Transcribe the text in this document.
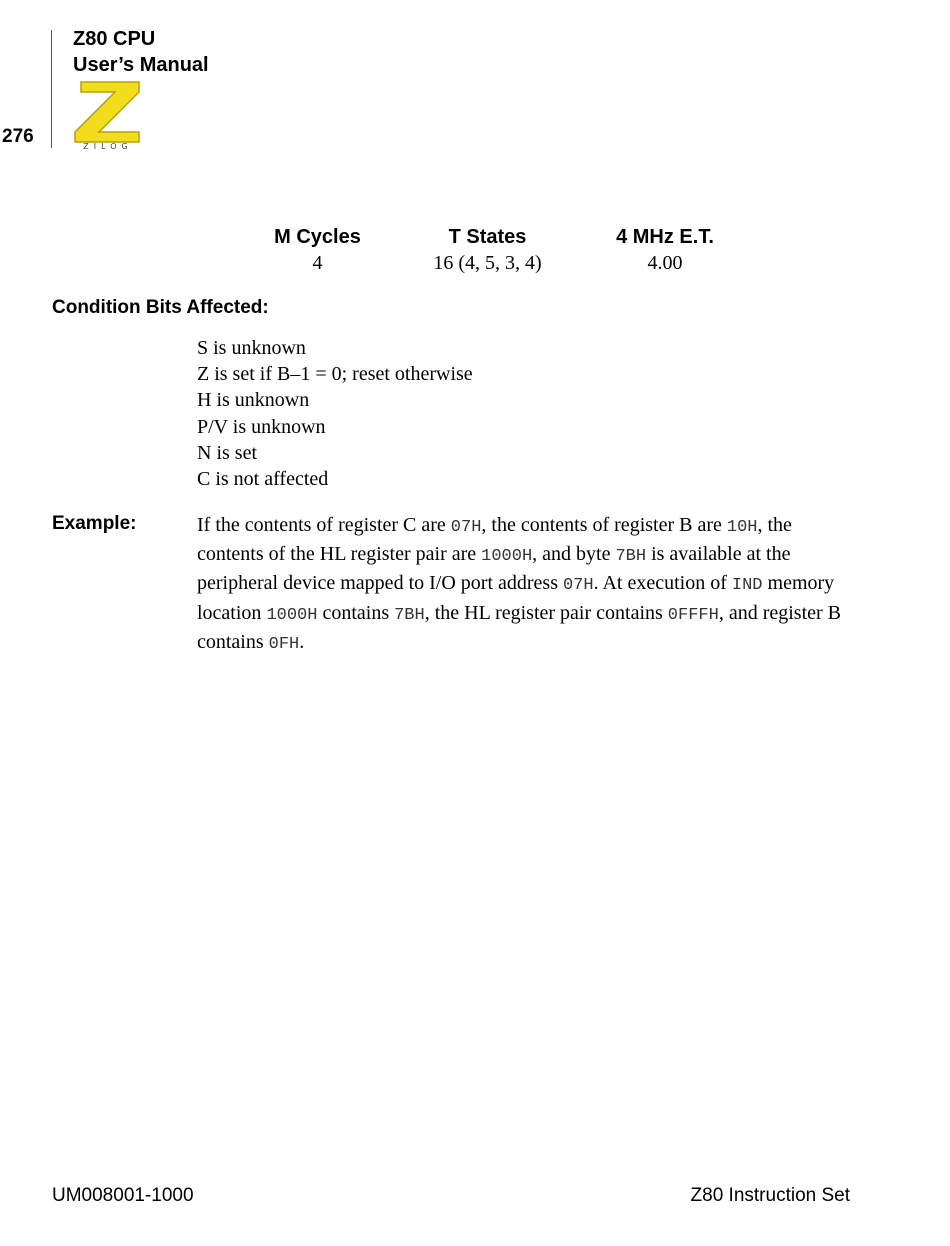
276
Z80 CPU
User’s Manual
ZILOG
M Cycles	T States	4 MHz E.T.
4	16 (4, 5, 3, 4)	4.00
Condition Bits Affected:
S is unknown
Z is set if B–1 = 0; reset otherwise
H is unknown
P/V is unknown
N is set
C is not affected
Example:	If the contents of register C are 07H, the contents of register B are 10H, the contents of the HL register pair are 1000H, and byte 7BH is available at the peripheral device mapped to I/O port address 07H. At execution of IND memory location 1000H contains 7BH, the HL register pair contains 0FFFH, and register B contains 0FH.

UM008001-1000	Z80 Instruction Set
